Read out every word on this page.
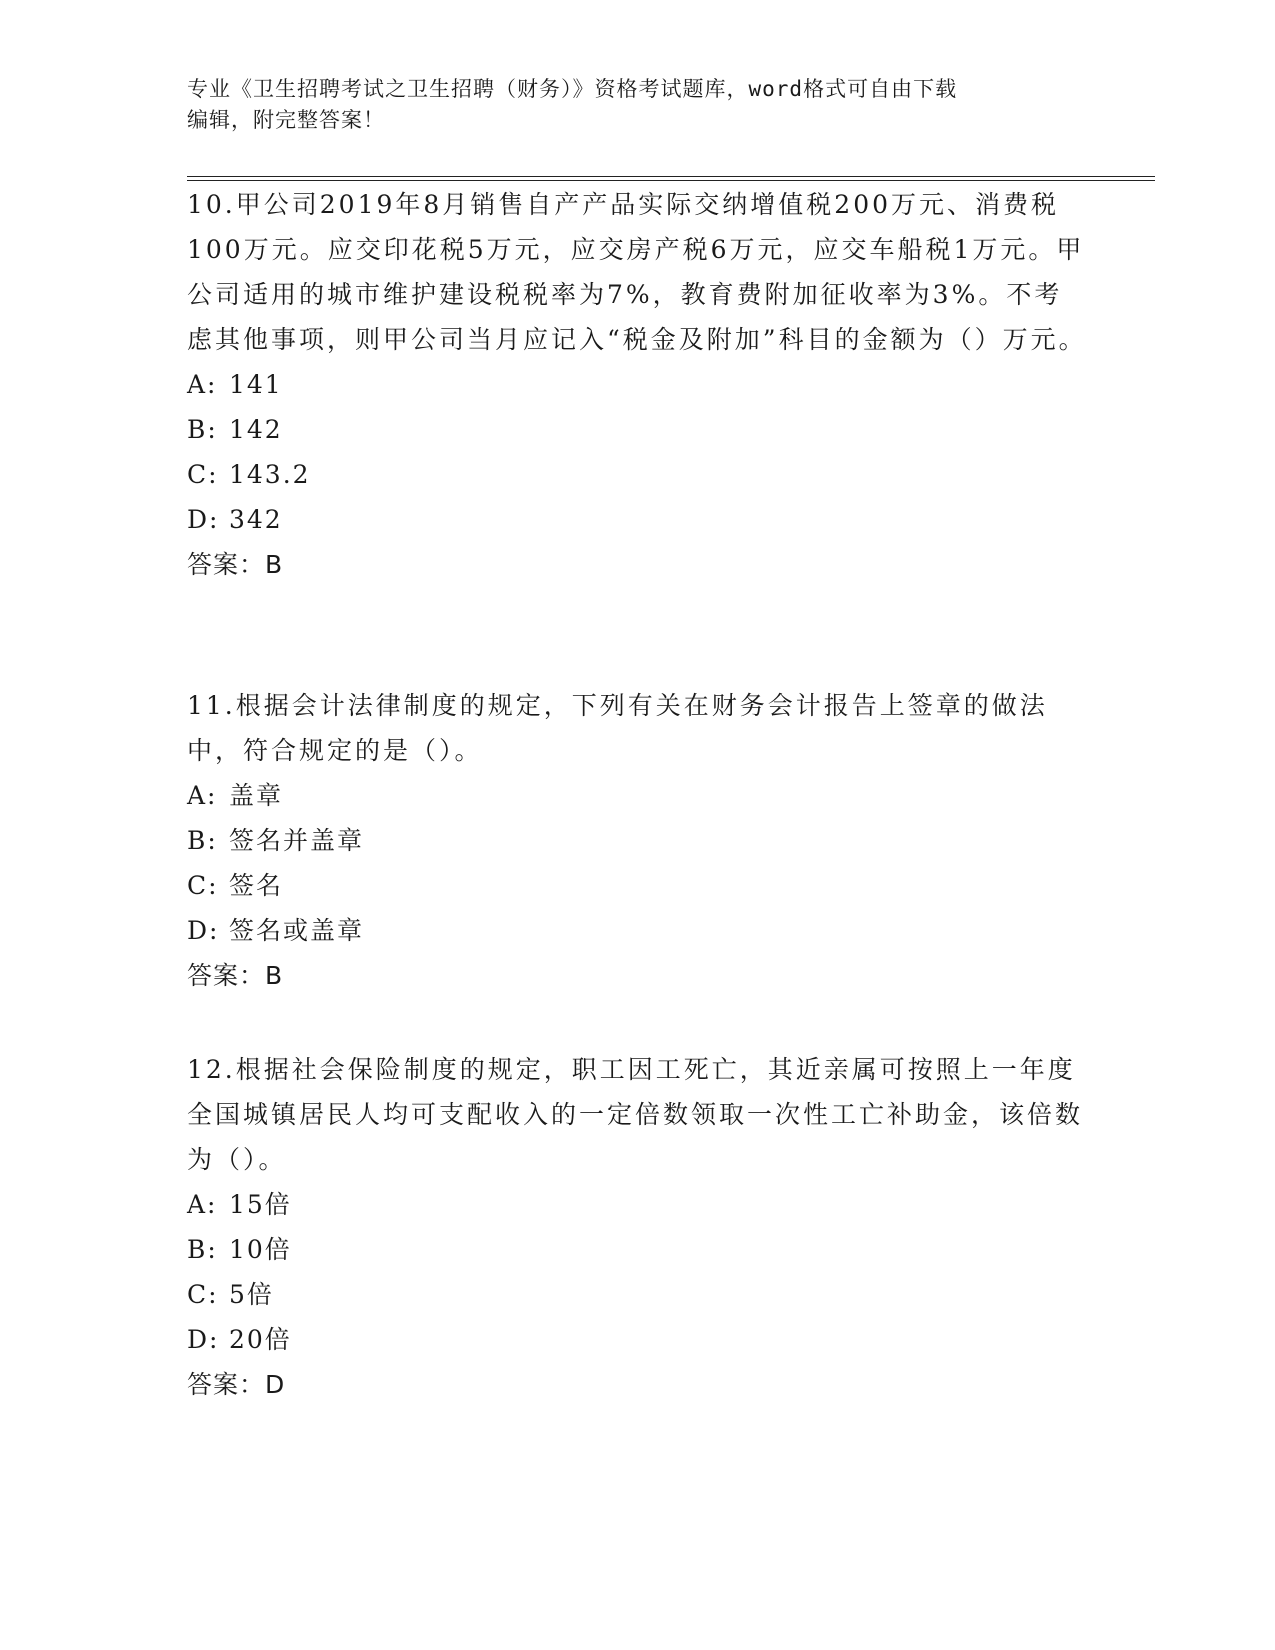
专业《卫生招聘考试之卫生招聘（财务）》资格考试题库，word格式可自由下载
编辑，附完整答案！

10.甲公司2019年8月销售自产产品实际交纳增值税200万元、消费税100万元。应交印花税5万元，应交房产税6万元，应交车船税1万元。甲公司适用的城市维护建设税税率为7%，教育费附加征收率为3%。不考虑其他事项，则甲公司当月应记入“税金及附加”科目的金额为（）万元。

A: 141

B: 142

C: 143.2

D: 342

答案：B

11.根据会计法律制度的规定，下列有关在财务会计报告上签章的做法中，符合规定的是（）。

A: 盖章

B: 签名并盖章

C: 签名

D: 签名或盖章

答案：B

12.根据社会保险制度的规定，职工因工死亡，其近亲属可按照上一年度全国城镇居民人均可支配收入的一定倍数领取一次性工亡补助金，该倍数为（）。

A: 15倍

B: 10倍

C: 5倍

D: 20倍

答案：D
